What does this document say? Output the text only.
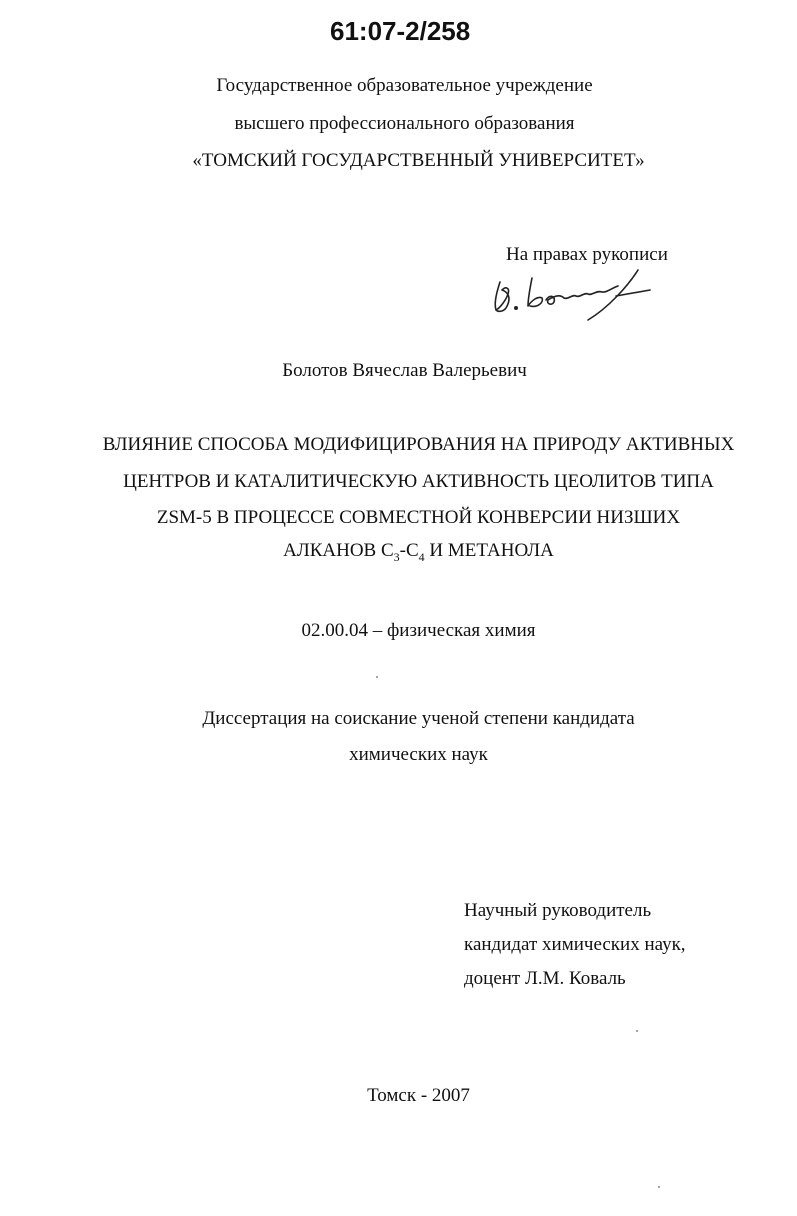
61:07-2/258
Государственное образовательное учреждение
высшего профессионального образования
«ТОМСКИЙ ГОСУДАРСТВЕННЫЙ УНИВЕРСИТЕТ»
На правах рукописи
В. Болотов
Болотов Вячеслав Валерьевич
ВЛИЯНИЕ СПОСОБА МОДИФИЦИРОВАНИЯ НА ПРИРОДУ АКТИВНЫХ
ЦЕНТРОВ И КАТАЛИТИЧЕСКУЮ АКТИВНОСТЬ ЦЕОЛИТОВ ТИПА
ZSM-5 В ПРОЦЕССЕ СОВМЕСТНОЙ КОНВЕРСИИ НИЗШИХ
АЛКАНОВ $С_3-С_4$ И МЕТАНОЛА
02.00.04 – физическая химия
Диссертация на соискание ученой степени кандидата
химических наук
Научный руководитель
кандидат химических наук,
доцент Л.М. Коваль
Томск - 2007
